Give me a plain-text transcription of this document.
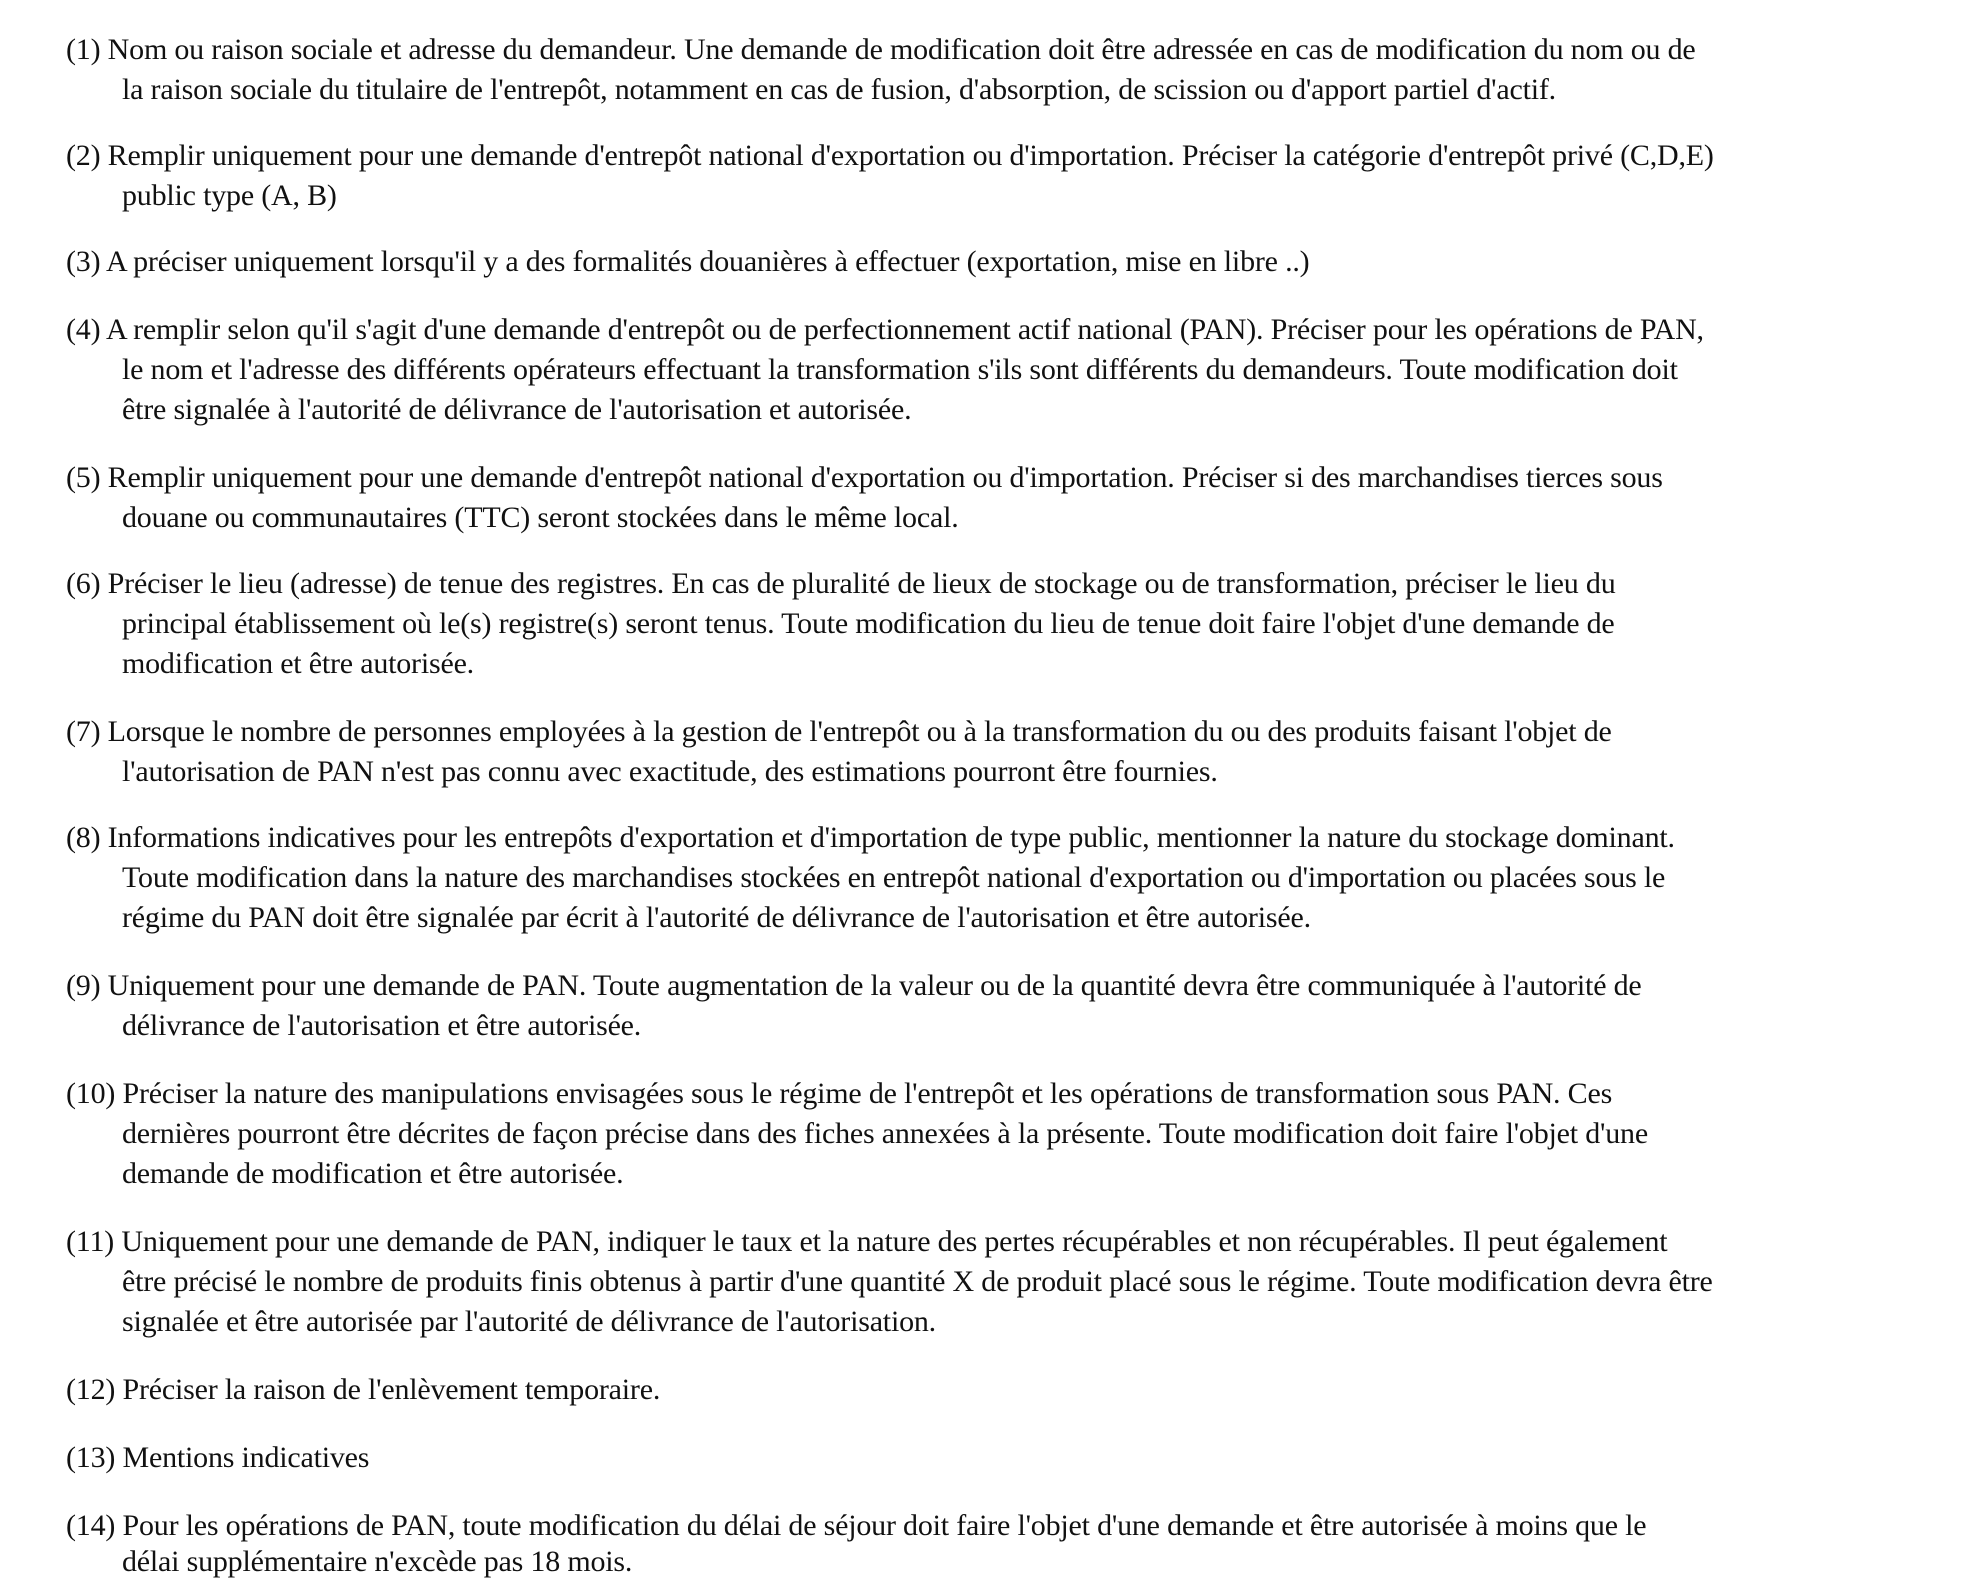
(1) Nom ou raison sociale et adresse du demandeur. Une demande de modification doit être adressée en cas de modification du nom ou de
la raison sociale du titulaire de l'entrepôt, notamment en cas de fusion, d'absorption, de scission ou d'apport partiel d'actif.
(2) Remplir uniquement pour une demande d'entrepôt national d'exportation ou d'importation. Préciser la catégorie d'entrepôt privé (C,D,E)
public type (A, B)
(3) A préciser uniquement lorsqu'il y a des formalités douanières à effectuer (exportation, mise en libre ..)
(4) A remplir selon qu'il s'agit d'une demande d'entrepôt ou de perfectionnement actif national (PAN). Préciser pour les opérations de PAN,
le nom et l'adresse des différents opérateurs effectuant la transformation s'ils sont différents du demandeurs. Toute modification doit
être signalée à l'autorité de délivrance de l'autorisation et autorisée.
(5) Remplir uniquement pour une demande d'entrepôt national d'exportation ou d'importation. Préciser si des marchandises tierces sous
douane ou communautaires (TTC) seront stockées dans le même local.
(6) Préciser le lieu (adresse) de tenue des registres. En cas de pluralité de lieux de stockage ou de transformation, préciser le lieu du
principal établissement où le(s) registre(s) seront tenus. Toute modification du lieu de tenue doit faire l'objet d'une demande de
modification et être autorisée.
(7) Lorsque le nombre de personnes employées à la gestion de l'entrepôt ou à la transformation du ou des produits faisant l'objet de
l'autorisation de PAN n'est pas connu avec exactitude, des estimations pourront être fournies.
(8) Informations indicatives pour les entrepôts d'exportation et d'importation de type public, mentionner la nature du stockage dominant.
Toute modification dans la nature des marchandises stockées en entrepôt national d'exportation ou d'importation ou placées sous le
régime du PAN doit être signalée par écrit à l'autorité de délivrance de l'autorisation et être autorisée.
(9) Uniquement pour une demande de PAN. Toute augmentation de la valeur ou de la quantité devra être communiquée à l'autorité de
délivrance de l'autorisation et être autorisée.
(10) Préciser la nature des manipulations envisagées sous le régime de l'entrepôt et les opérations de transformation sous PAN. Ces
dernières pourront être décrites de façon précise dans des fiches annexées à la présente. Toute modification doit faire l'objet d'une
demande de modification et être autorisée.
(11) Uniquement pour une demande de PAN, indiquer le taux et la nature des pertes récupérables et non récupérables. Il peut également
être précisé le nombre de produits finis obtenus à partir d'une quantité X de produit placé sous le régime. Toute modification devra être
signalée et être autorisée par l'autorité de délivrance de l'autorisation.
(12) Préciser la raison de l'enlèvement temporaire.
(13) Mentions indicatives
(14) Pour les opérations de PAN, toute modification du délai de séjour doit faire l'objet d'une demande et être autorisée à moins que le
délai supplémentaire n'excède pas 18 mois.
